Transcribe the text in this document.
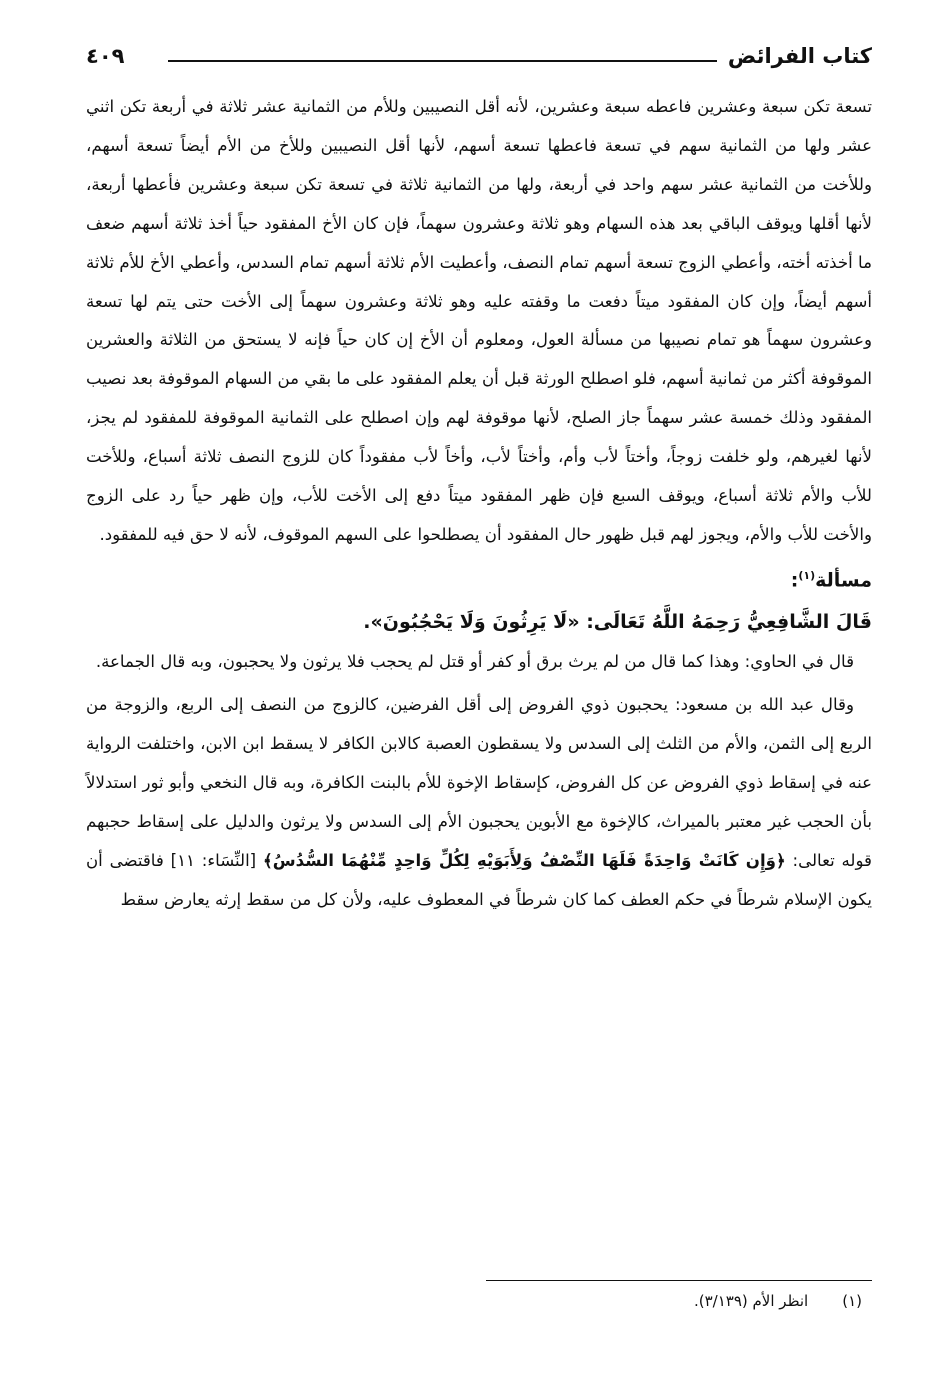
كتاب الفرائض
٤٠٩

تسعة تكن سبعة وعشرين فاعطه سبعة وعشرين، لأنه أقل النصيبين وللأم من الثمانية عشر ثلاثة في أربعة تكن اثني عشر ولها من الثمانية سهم في تسعة فاعطها تسعة أسهم، لأنها أقل النصيبين وللأخ من الأم أيضاً تسعة أسهم، وللأخت من الثمانية عشر سهم واحد في أربعة، ولها من الثمانية ثلاثة في تسعة تكن سبعة وعشرين فأعطها أربعة، لأنها أقلها ويوقف الباقي بعد هذه السهام وهو ثلاثة وعشرون سهماً، فإن كان الأخ المفقود حياً أخذ ثلاثة أسهم ضعف ما أخذته أخته، وأعطي الزوج تسعة أسهم تمام النصف، وأعطيت الأم ثلاثة أسهم تمام السدس، وأعطي الأخ للأم ثلاثة أسهم أيضاً، وإن كان المفقود ميتاً دفعت ما وقفته عليه وهو ثلاثة وعشرون سهماً إلى الأخت حتى يتم لها تسعة وعشرون سهماً هو تمام نصيبها من مسألة العول، ومعلوم أن الأخ إن كان حياً فإنه لا يستحق من الثلاثة والعشرين الموقوفة أكثر من ثمانية أسهم، فلو اصطلح الورثة قبل أن يعلم المفقود على ما بقي من السهام الموقوفة بعد نصيب المفقود وذلك خمسة عشر سهماً جاز الصلح، لأنها موقوفة لهم وإن اصطلح على الثمانية الموقوفة للمفقود لم يجز، لأنها لغيرهم، ولو خلفت زوجاً، وأختاً لأب وأم، وأختاً لأب، وأخاً لأب مفقوداً كان للزوج النصف ثلاثة أسباع، وللأخت للأب والأم ثلاثة أسباع، ويوقف السبع فإن ظهر المفقود ميتاً دفع إلى الأخت للأب، وإن ظهر حياً رد على الزوج والأخت للأب والأم، ويجوز لهم قبل ظهور حال المفقود أن يصطلحوا على السهم الموقوف، لأنه لا حق فيه للمفقود.

مسألة$^{(١)}$:

قَالَ الشَّافِعِيُّ رَحِمَهُ اللَّهُ تَعَالَى: «لَا يَرِثُونَ وَلَا يَحْجُبُونَ».

قال في الحاوي: وهذا كما قال من لم يرث برق أو كفر أو قتل لم يحجب فلا يرثون ولا يحجبون، وبه قال الجماعة.

وقال عبد الله بن مسعود: يحجبون ذوي الفروض إلى أقل الفرضين، كالزوج من النصف إلى الربع، والزوجة من الربع إلى الثمن، والأم من الثلث إلى السدس ولا يسقطون العصبة كالابن الكافر لا يسقط ابن الابن، واختلفت الرواية عنه في إسقاط ذوي الفروض عن كل الفروض، كإسقاط الإخوة للأم بالبنت الكافرة، وبه قال النخعي وأبو ثور استدلالاً بأن الحجب غير معتبر بالميراث، كالإخوة مع الأبوين يحجبون الأم إلى السدس ولا يرثون والدليل على إسقاط حجبهم قوله تعالى: ﴿وَإِن كَانَتْ وَاحِدَةً فَلَهَا النِّصْفُ وَلِأَبَوَيْهِ لِكُلِّ وَاحِدٍ مِّنْهُمَا السُّدُسُ﴾ [النِّسَاء: ١١] فاقتضى أن يكون الإسلام شرطاً في حكم العطف كما كان شرطاً في المعطوف عليه، ولأن كل من سقط إرثه يعارض سقط

(١)انظر الأم (٣/١٣٩).
